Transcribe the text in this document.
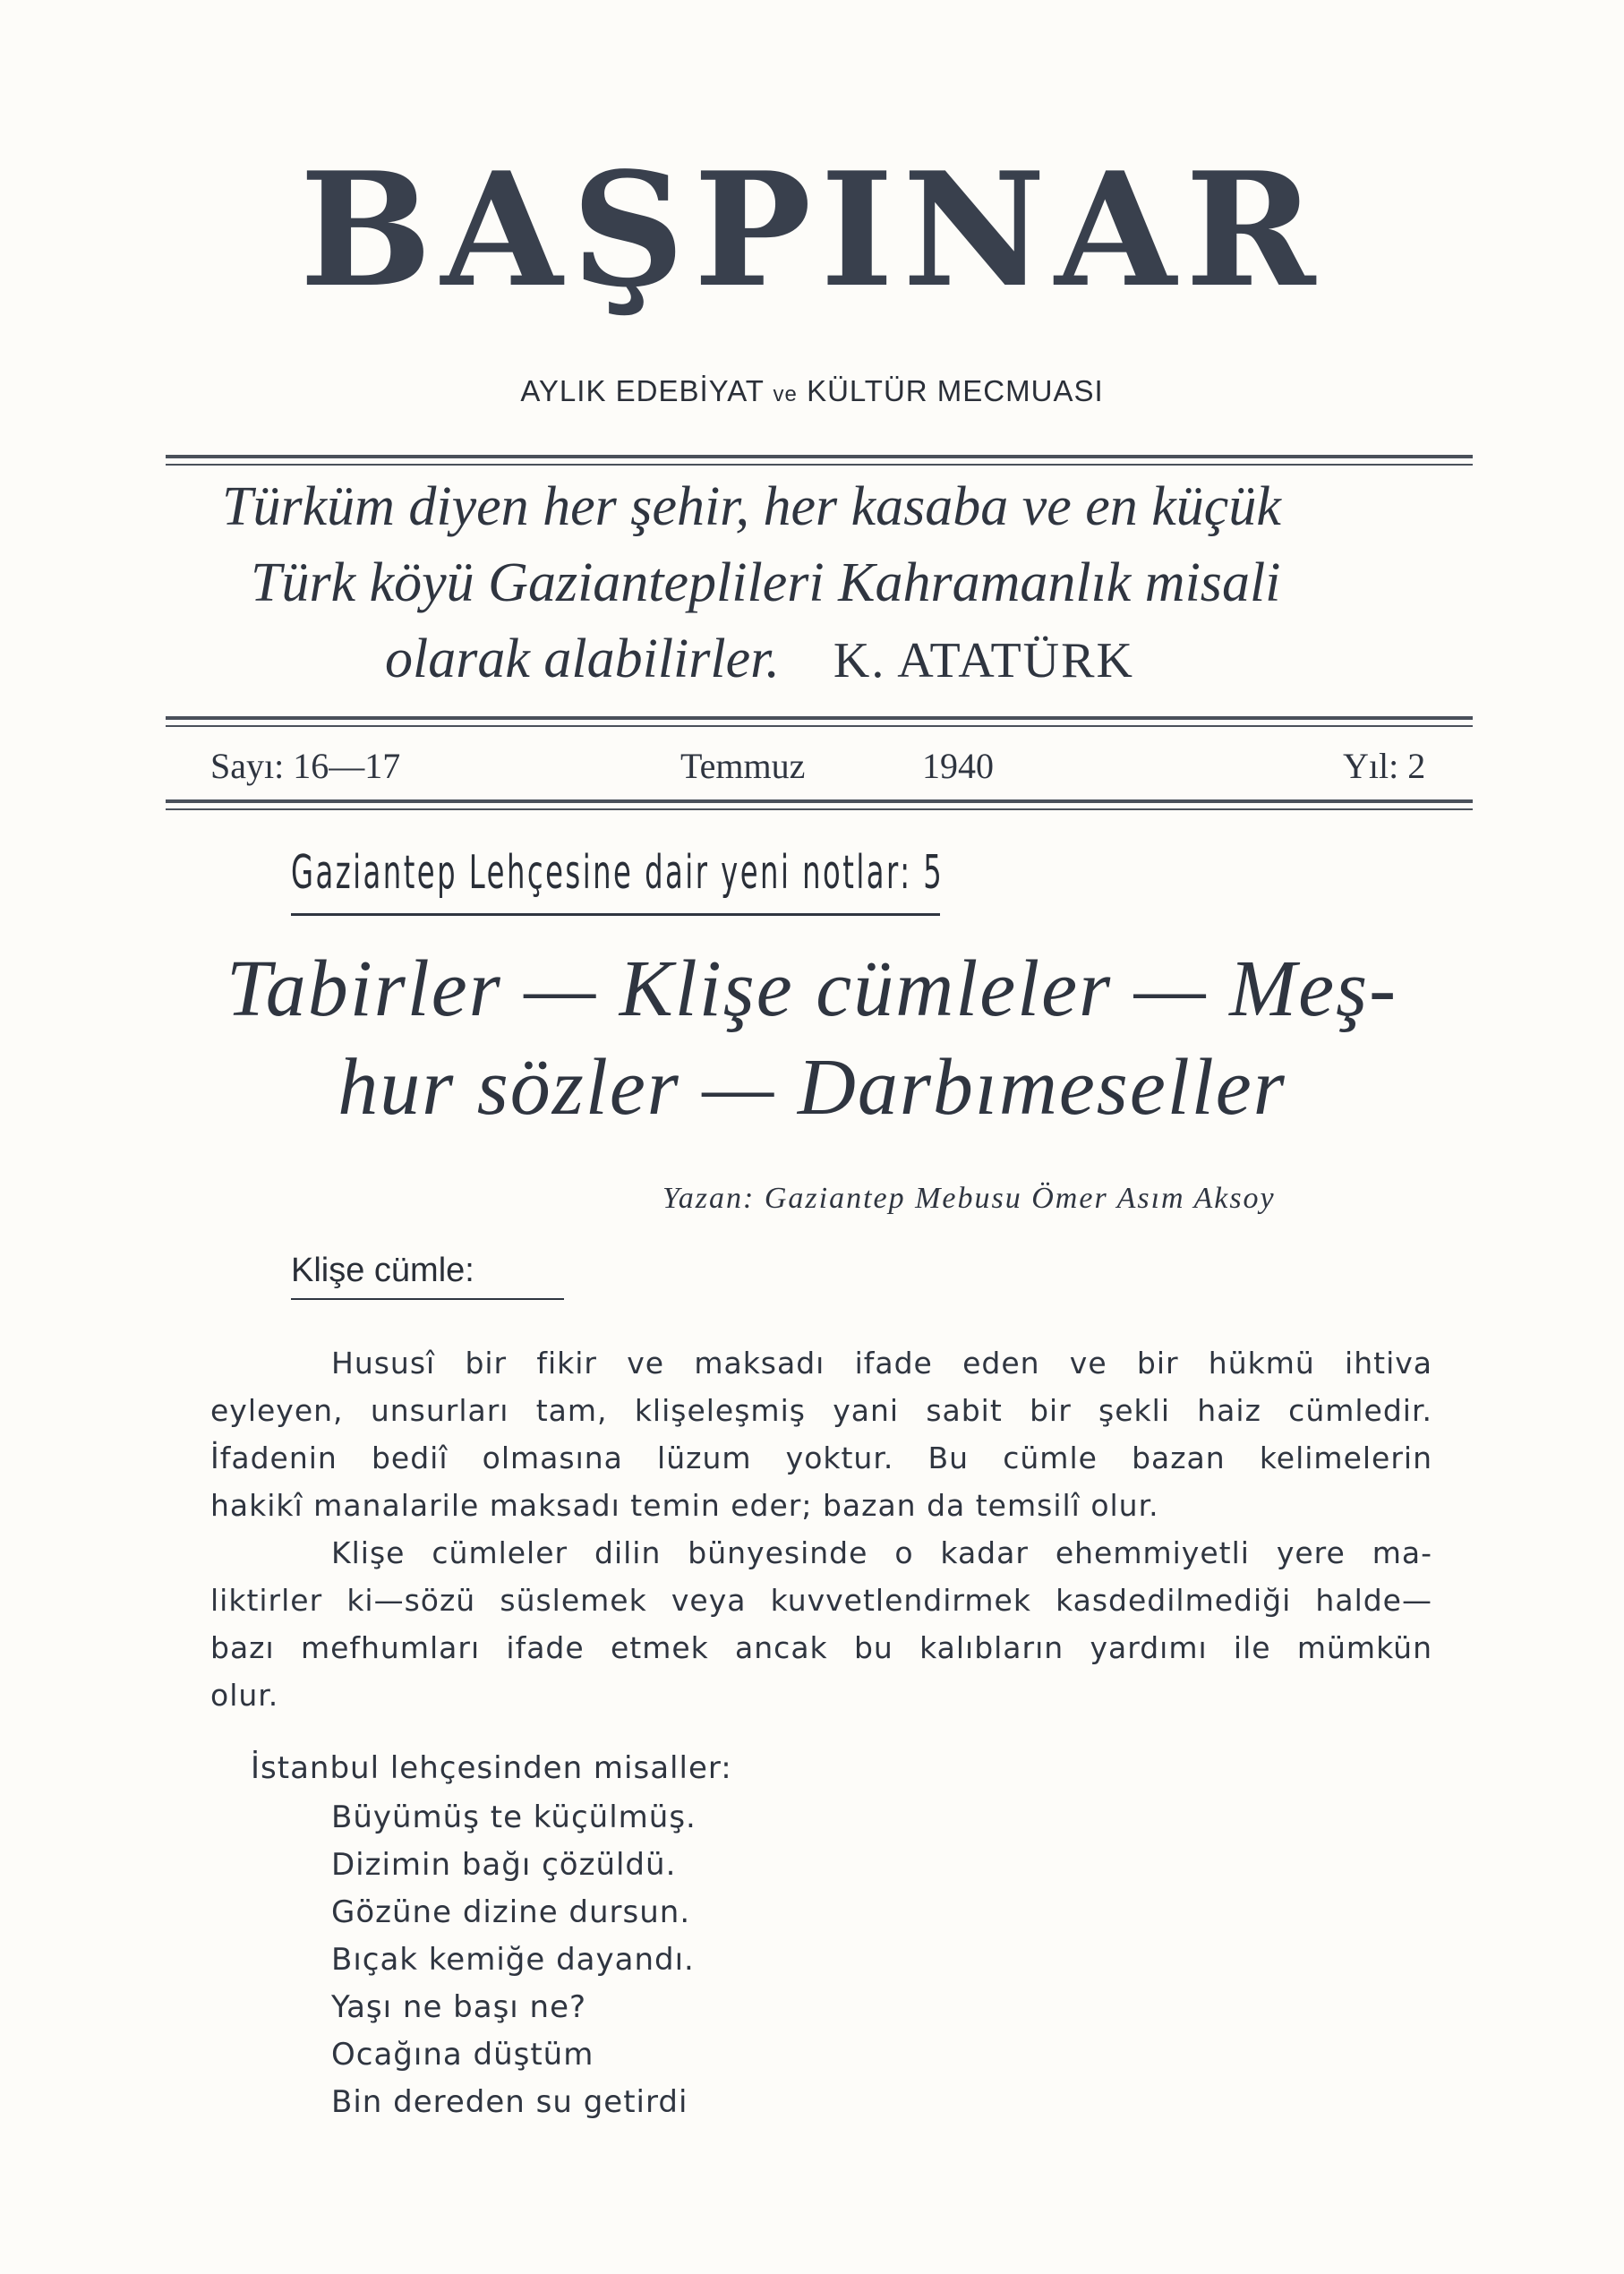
BAŞPINAR
AYLIK EDEBİYAT ve KÜLTÜR MECMUASI
Türküm diyen her şehir, her kasaba ve en küçük
Türk köyü Gazianteplileri Kahramanlık misali
olarak alabilirler. K. ATATÜRK
Sayı: 16—17	Temmuz	1940	Yıl: 2
Gaziantep Lehçesine dair yeni notlar: 5
Tabirler — Klişe cümleler — Meş-
hur sözler — Darbımeseller
Yazan: Gaziantep Mebusu Ömer Asım Aksoy
Klişe cümle:
Hususî bir fikir ve maksadı ifade eden ve bir hükmü ihtiva
eyleyen, unsurları tam, klişeleşmiş yani sabit bir şekli haiz cümledir.
İfadenin bediî olmasına lüzum yoktur. Bu cümle bazan kelimelerin
hakikî manalarile maksadı temin eder; bazan da temsilî olur.
Klişe cümleler dilin bünyesinde o kadar ehemmiyetli yere ma-
liktirler ki—sözü süslemek veya kuvvetlendirmek kasdedilmediği halde—
bazı mefhumları ifade etmek ancak bu kalıbların yardımı ile mümkün
olur.
İstanbul lehçesinden misaller:
Büyümüş te küçülmüş.
Dizimin bağı çözüldü.
Gözüne dizine dursun.
Bıçak kemiğe dayandı.
Yaşı ne başı ne?
Ocağına düştüm
Bin dereden su getirdi
